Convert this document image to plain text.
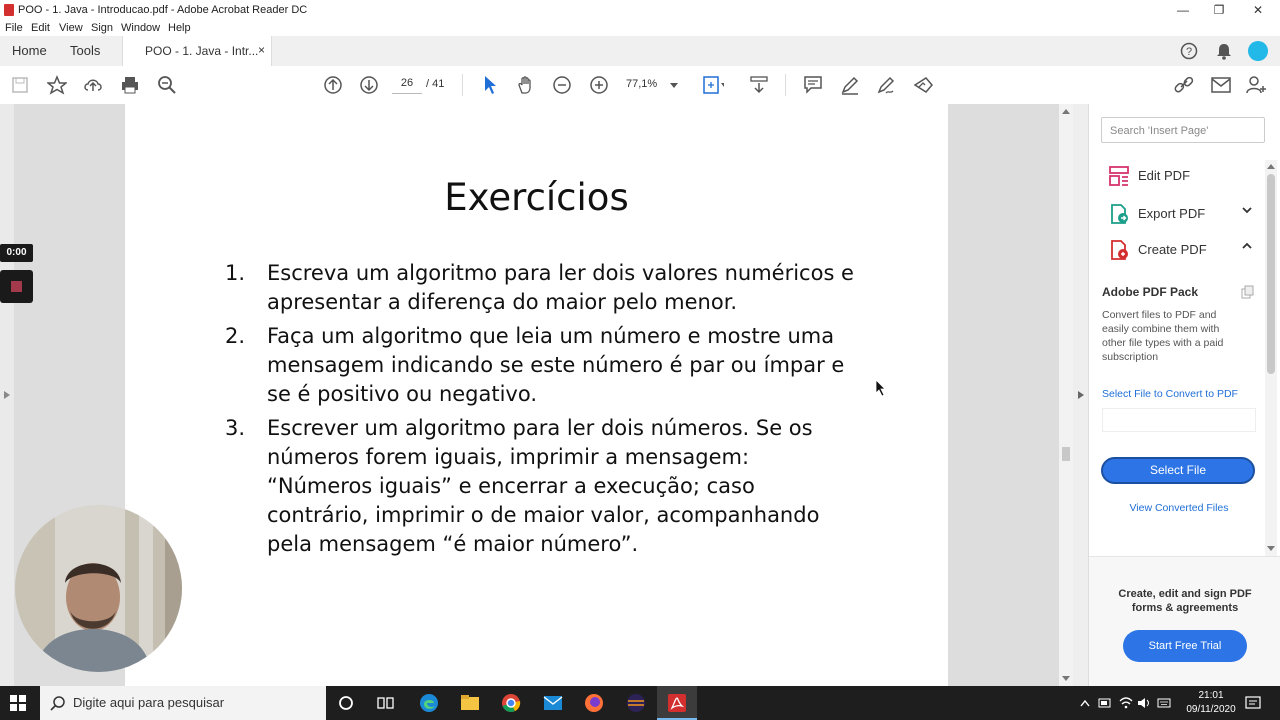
POO - 1. Java - Introducao.pdf - Adobe Acrobat Reader DC	—	❐	✕
File Edit View Sign Window Help
Home Tools	POO - 1. Java - Intr... ×	?
26	/ 41	77,1%
Exercícios
1.	Escreva um algoritmo para ler dois valores numéricos e apresentar a diferença do maior pelo menor.
2.	Faça um algoritmo que leia um número e mostre uma mensagem indicando se este número é par ou ímpar e se é positivo ou negativo.
3.	Escrever um algoritmo para ler dois números. Se os números forem iguais, imprimir a mensagem: “Números iguais” e encerrar a execução; caso contrário, imprimir o de maior valor, acompanhando pela mensagem “é maior número”.
Search 'Insert Page'
Edit PDF
Export PDF
Create PDF
Adobe PDF Pack
Convert files to PDF and easily combine them with other file types with a paid subscription
Select File to Convert to PDF
Select File
View Converted Files
Create, edit and sign PDF forms & agreements
Start Free Trial
0:00
Digite aqui para pesquisar	21:01
09/11/2020
